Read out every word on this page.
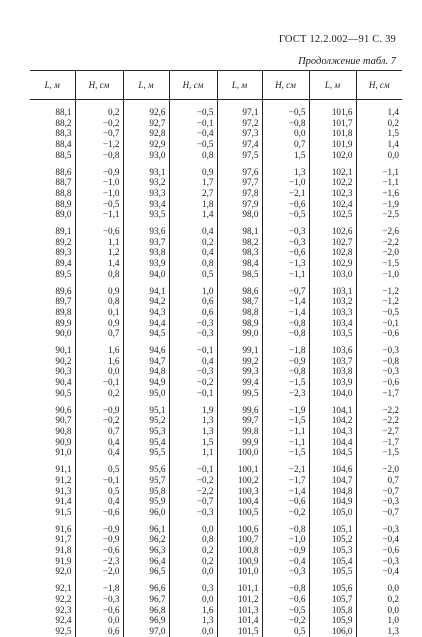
ГОСТ 12.2.002—91 С. 39
Продолжение табл. 7
L, м	H, см	L, м	H, см	L, м	H, см	L, м	H, см

88,1	0,2	92,6	−0,5	97,1	−0,5	101,6	1,4
88,2	−0,2	92,7	−0,1	97,2	−0,8	101,7	0,2
88,3	−0,7	92,8	−0,4	97,3	0,0	101,8	1,5
88,4	−1,2	92,9	−0,5	97,4	0,7	101,9	1,4
88,5	−0,8	93,0	0,8	97,5	1,5	102,0	0,0

88,6	−0,9	93,1	0,9	97,6	1,3	102,1	−1,1
88,7	−1,0	93,2	1,7	97,7	−1,0	102,2	−1,1
88,8	−1,0	93,3	2,7	97,8	−2,1	102,3	−1,6
88,9	−0,5	93,4	1,8	97,9	−0,6	102,4	−1,9
89,0	−1,1	93,5	1,4	98,0	−0,5	102,5	−2,5

89,1	−0,6	93,6	0,4	98,1	−0,3	102,6	−2,6
89,2	1,1	93,7	0,2	98,2	−0,3	102,7	−2,2
89,3	1,2	93,8	0,4	98,3	−0,6	102,8	−2,0
89,4	1,4	93,9	0,8	98,4	−1,3	102,9	−1,5
89,5	0,8	94,0	0,5	98,5	−1,1	103,0	−1,0

89,6	0,9	94,1	1,0	98,6	−0,7	103,1	−1,2
89,7	0,8	94,2	0,6	98,7	−1,4	103,2	−1,2
89,8	0,1	94,3	0,6	98,8	−1,4	103,3	−0,5
89,9	0,9	94,4	−0,3	98,9	−0,8	103,4	−0,1
90,0	0,7	94,5	−0,3	99,0	−0,8	103,5	−0,6

90,1	1,6	94,6	−0,1	99,1	−1,8	103,6	−0,3
90,2	1,6	94,7	0,4	99,2	−0,9	103,7	−0,8
90,3	0,0	94,8	−0,3	99,3	−0,8	103,8	−0,3
90,4	−0,1	94,9	−0,2	99,4	−1,5	103,9	−0,6
90,5	0,2	95,0	−0,1	99,5	−2,3	104,0	−1,7

90,6	−0,9	95,1	1,9	99,6	−1,9	104,1	−2,2
90,7	−0,2	95,2	1,3	99,7	−1,5	104,2	−2,2
90,8	0,7	95,3	1,3	99,8	−1,1	104,3	−2,7
90,9	0,4	95,4	1,5	99,9	−1,1	104,4	−1,7
91,0	0,4	95,5	1,1	100,0	−1,5	104,5	−1,5

91,1	0,5	95,6	−0,1	100,1	−2,1	104,6	−2,0
91,2	−0,1	95,7	−0,2	100,2	−1,7	104,7	0,7
91,3	0,5	95,8	−2,2	100,3	−1,4	104,8	−0,7
91,4	0,4	95,9	−0,7	100,4	−0,6	104,9	−0,3
91,5	−0,6	96,0	−0,3	100,5	−0,2	105,0	−0,7

91,6	−0,9	96,1	0,0	100,6	−0,8	105,1	−0,3
91,7	−0,9	96,2	0,8	100,7	−1,0	105,2	−0,4
91,8	−0,6	96,3	0,2	100,8	−0,9	105,3	−0,6
91,9	−2,3	96,4	0,2	100,9	−0,4	105,4	−0,3
92,0	−2,0	96,5	0,0	101,0	−0,3	105,5	−0,4

92,1	−1,8	96,6	0,3	101,1	−0,8	105,6	0,0
92,2	−0,3	96,7	0,0	101,2	−0,6	105,7	0,2
92,3	−0,6	96,8	1,6	101,3	−0,5	105,8	0,0
92,4	0,0	96,9	1,3	101,4	−0,2	105,9	1,0
92,5	0,6	97,0	0,0	101,5	0,5	106,0	1,3
